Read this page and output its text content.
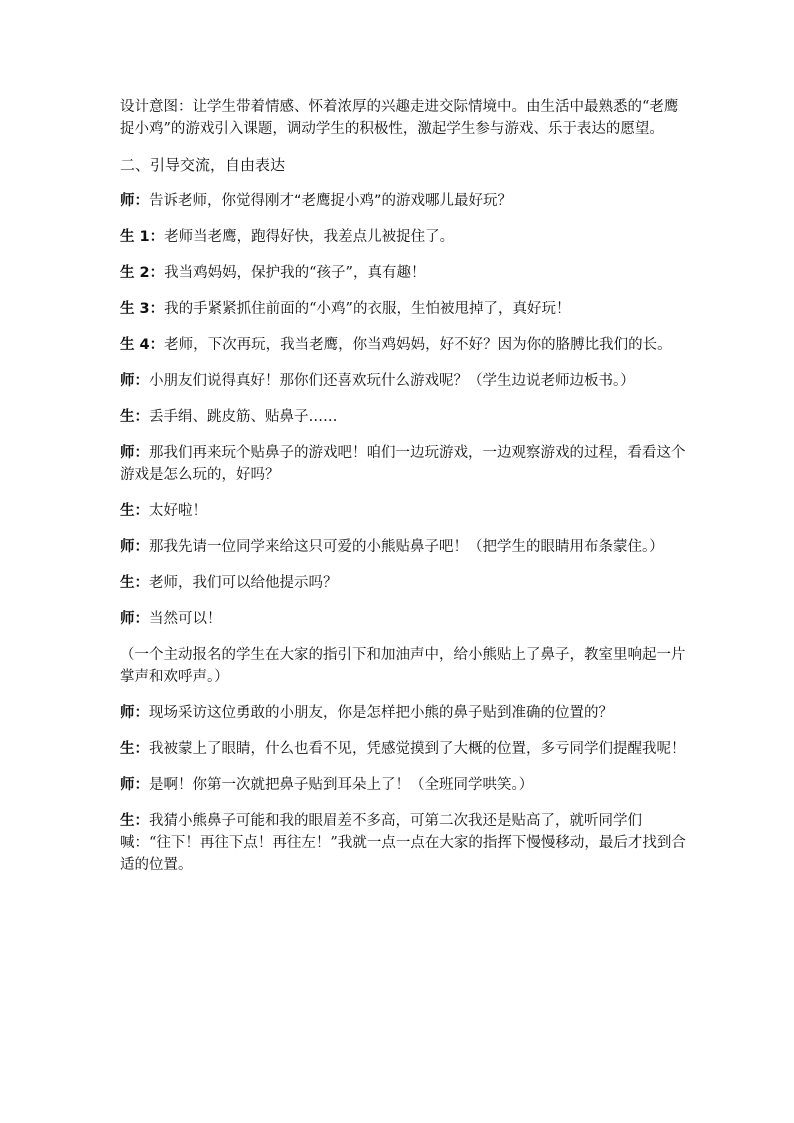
设计意图：让学生带着情感、怀着浓厚的兴趣走进交际情境中。由生活中最熟悉的“老鹰捉小鸡”的游戏引入课题，调动学生的积极性，激起学生参与游戏、乐于表达的愿望。

二、引导交流，自由表达

师：告诉老师，你觉得刚才“老鹰捉小鸡”的游戏哪儿最好玩？

生 1：老师当老鹰，跑得好快，我差点儿被捉住了。

生 2：我当鸡妈妈，保护我的“孩子”，真有趣！

生 3：我的手紧紧抓住前面的“小鸡”的衣服，生怕被甩掉了，真好玩！

生 4：老师，下次再玩，我当老鹰，你当鸡妈妈，好不好？因为你的胳膊比我们的长。

师：小朋友们说得真好！那你们还喜欢玩什么游戏呢？（学生边说老师边板书。）

生：丢手绢、跳皮筋、贴鼻子……

师：那我们再来玩个贴鼻子的游戏吧！咱们一边玩游戏，一边观察游戏的过程，看看这个游戏是怎么玩的，好吗？

生：太好啦！

师：那我先请一位同学来给这只可爱的小熊贴鼻子吧！（把学生的眼睛用布条蒙住。）

生：老师，我们可以给他提示吗？

师：当然可以！

（一个主动报名的学生在大家的指引下和加油声中，给小熊贴上了鼻子，教室里响起一片掌声和欢呼声。）

师：现场采访这位勇敢的小朋友，你是怎样把小熊的鼻子贴到准确的位置的？

生：我被蒙上了眼睛，什么也看不见，凭感觉摸到了大概的位置，多亏同学们提醒我呢！

师：是啊！你第一次就把鼻子贴到耳朵上了！（全班同学哄笑。）

生：我猜小熊鼻子可能和我的眼眉差不多高，可第二次我还是贴高了，就听同学们喊：“往下！再往下点！再往左！”我就一点一点在大家的指挥下慢慢移动，最后才找到合适的位置。
